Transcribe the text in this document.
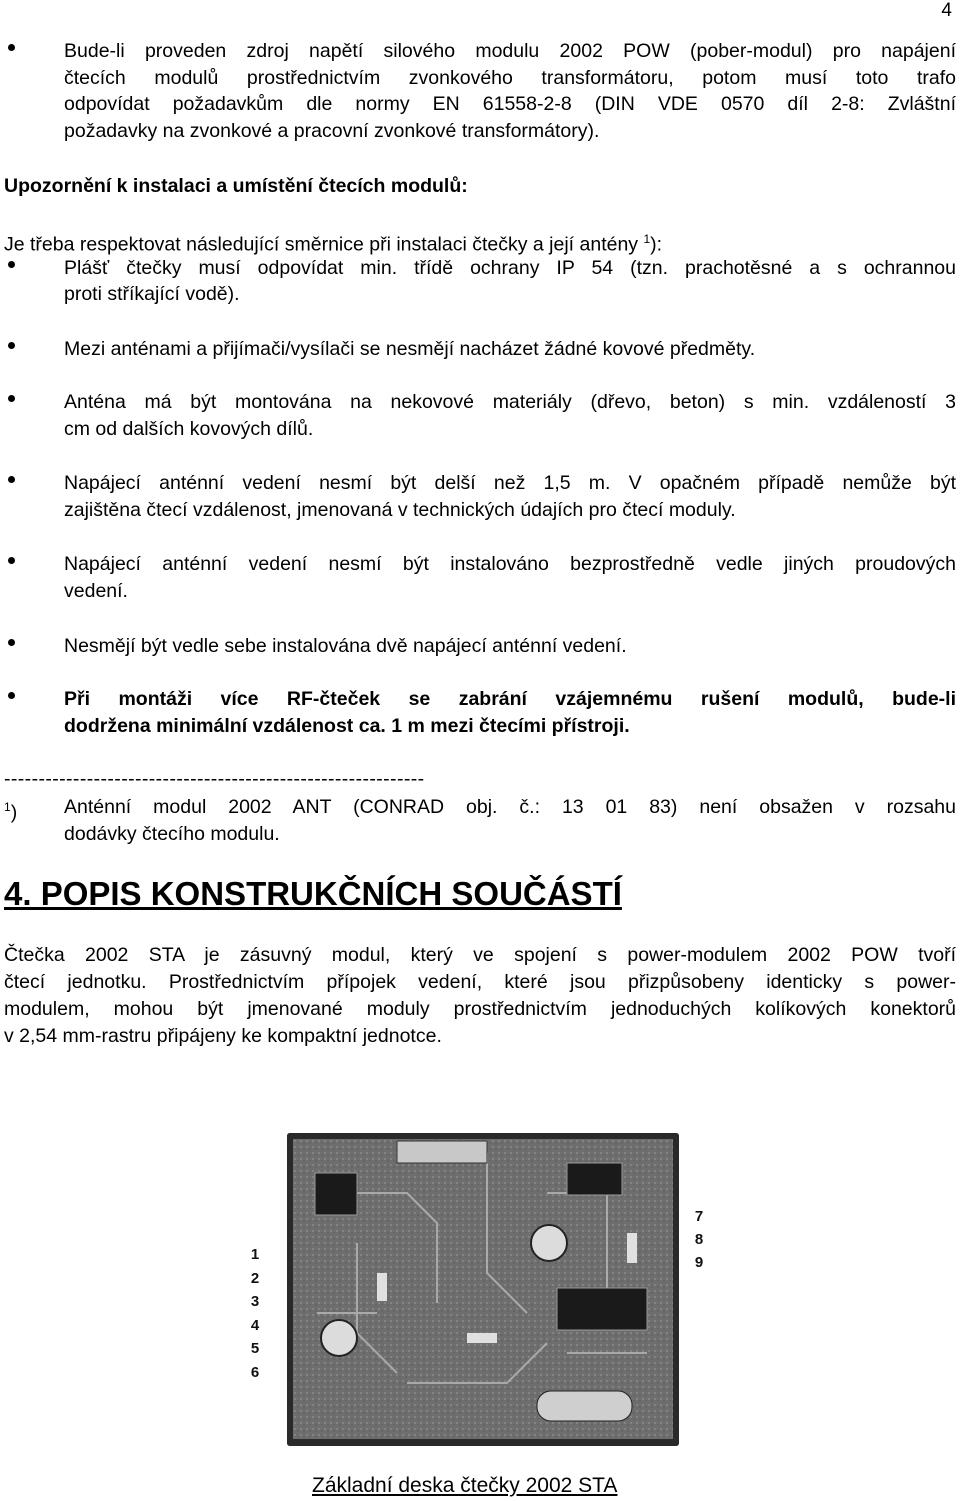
4
Bude-li proveden zdroj napětí silového modulu 2002 POW (pober-modul) pro napájení
čtecích modulů prostřednictvím zvonkového transformátoru, potom musí toto trafo
odpovídat požadavkům dle normy EN 61558-2-8 (DIN VDE 0570 díl 2-8: Zvláštní
požadavky na zvonkové a pracovní zvonkové transformátory).
Upozornění k instalaci a umístění čtecích modulů:
Je třeba respektovat následující směrnice při instalaci čtečky a její antény $^1$):
Plášť čtečky musí odpovídat min. třídě ochrany IP 54 (tzn. prachotěsné a s ochrannou
proti stříkající vodě).
Mezi anténami a přijímači/vysílači se nesmějí nacházet žádné kovové předměty.
Anténa má být montována na nekovové materiály (dřevo, beton) s min. vzdáleností 3
cm od dalších kovových dílů.
Napájecí anténní vedení nesmí být delší než 1,5 m. V opačném případě nemůže být
zajištěna čtecí vzdálenost, jmenovaná v technických údajích pro čtecí moduly.
Napájecí anténní vedení nesmí být instalováno bezprostředně vedle jiných proudových
vedení.
Nesmějí být vedle sebe instalována dvě napájecí anténní vedení.
Při montáži více RF-čteček se zabrání vzájemnému rušení modulů, bude-li
dodržena minimální vzdálenost ca. 1 m mezi čtecími přístroji.
-------------------------------------------------------------
$^1$) Anténní modul 2002 ANT (CONRAD obj. č.: 13 01 83) není obsažen v rozsahu
dodávky čtecího modulu.
4. POPIS KONSTRUKČNÍCH SOUČÁSTÍ
Čtečka 2002 STA je zásuvný modul, který ve spojení s power-modulem 2002 POW tvoří
čtecí jednotku. Prostřednictvím přípojek vedení, které jsou přizpůsobeny identicky s power-
modulem, mohou být jmenované moduly prostřednictvím jednoduchých kolíkových konektorů
v 2,54 mm-rastru připájeny ke kompaktní jednotce.
1
2
3
4
5
6
7
8
9
Základní deska čtečky 2002 STA
